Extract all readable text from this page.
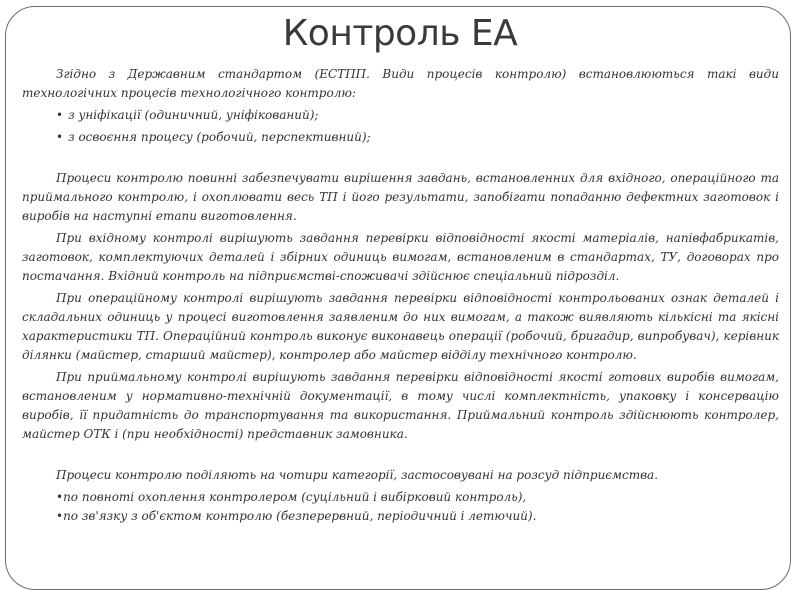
Контроль ЕА

Згідно з Державним стандартом (ЕСТПП. Види процесів контролю) встановлюються такі види технологічних процесів технологічного контролю:

• з уніфікації (одиничний, уніфікований);

• з освоєння процесу (робочий, перспективний);

Процеси контролю повинні забезпечувати вирішення завдань, встановленних для вхідного, операційного та приймального контролю, і охоплювати весь ТП і його результати, запобігати попаданню дефектних заготовок і виробів на наступні етапи виготовлення.

При вхідному контролі вирішують завдання перевірки відповідності якості матеріалів, напівфабрикатів, заготовок, комплектуючих деталей і збірних одиниць вимогам, встановленим в стандартах, ТУ, договорах про постачання. Вхідний контроль на підприємстві-споживачі здійснює спеціальний підрозділ.

При операційному контролі вирішують завдання перевірки відповідності контрольованих ознак деталей і складальних одиниць у процесі виготовлення заявленим до них вимогам, а також виявляють кількісні та якісні характеристики ТП. Операційний контроль виконує виконавець операції (робочий, бригадир, випробувач), керівник ділянки (майстер, старший майстер), контролер або майстер відділу технічного контролю.

При приймальному контролі вирішують завдання перевірки відповідності якості готових виробів вимогам, встановленим у нормативно-технічній документації, в тому числі комплектність, упаковку і консервацію виробів, її придатність до транспортування та використання. Приймальний контроль здійснюють контролер, майстер ОТК і (при необхідності) представник замовника.

Процеси контролю поділяють на чотири категорії, застосовувані на розсуд підприємства.

•по повноті охоплення контролером (суцільний і вибірковий контроль),

•по зв'язку з об'єктом контролю (безперервний, періодичний і летючий).
